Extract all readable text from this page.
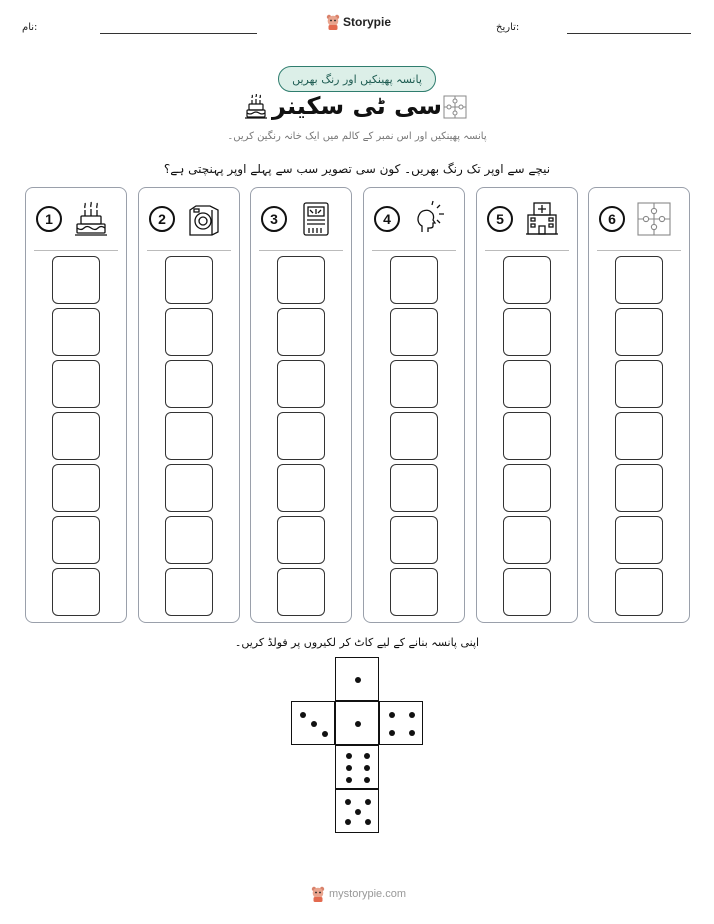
نام:	Storypie	تاریخ:
پانسہ پھینکیں اور رنگ بھریں
سی ٹی سکینر
پانسہ پھینکیں اور اس نمبر کے کالم میں ایک خانہ رنگین کریں۔
نیچے سے اوپر تک رنگ بھریں۔ کون سی تصویر سب سے پہلے اوپر پہنچتی ہے؟
1	2	3	4	5	6
اپنی پانسہ بنانے کے لیے کاٹ کر لکیروں پر فولڈ کریں۔
mystorypie.com
